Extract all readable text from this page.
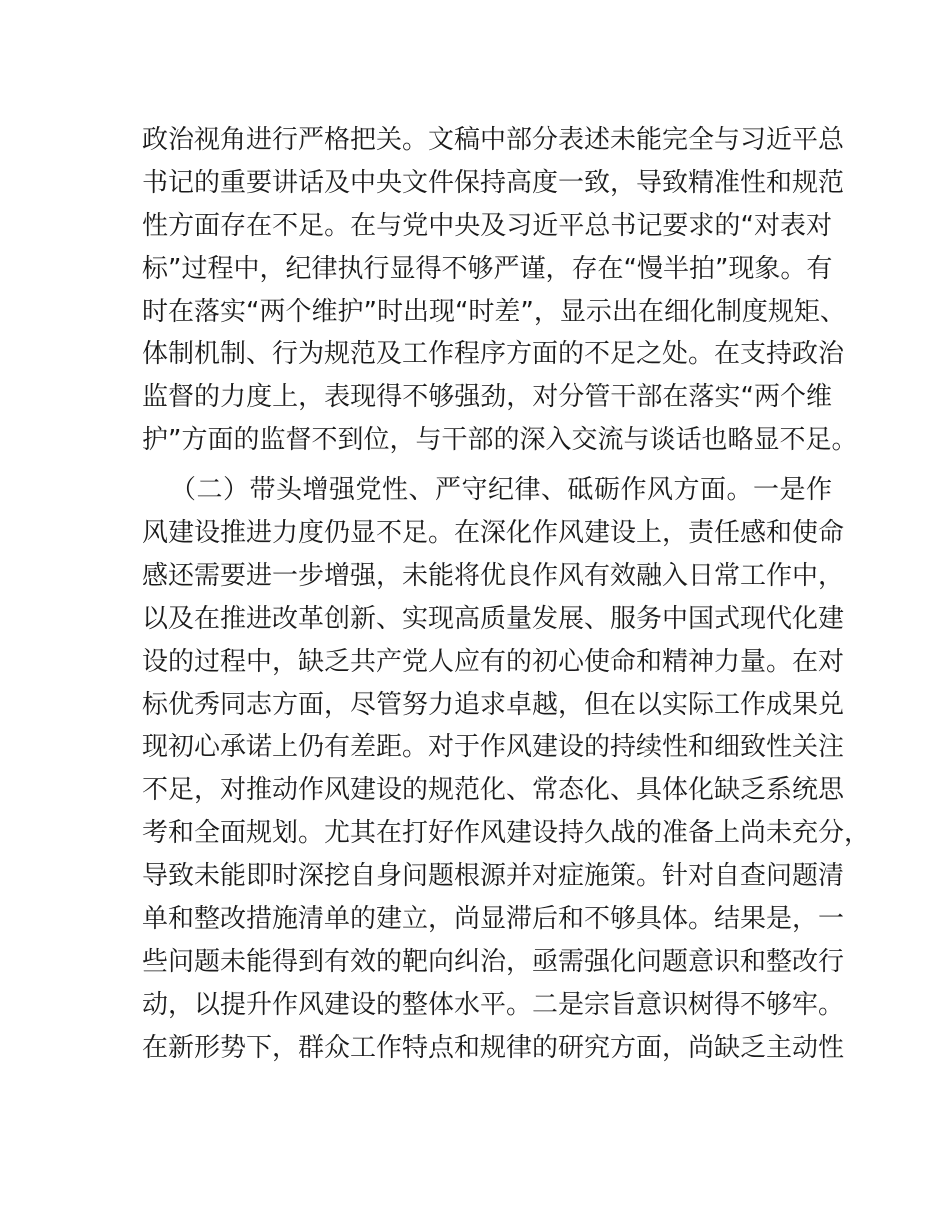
政治视角进行严格把关。文稿中部分表述未能完全与习近平总
书记的重要讲话及中央文件保持高度一致，导致精准性和规范
性方面存在不足。在与党中央及习近平总书记要求的“对表对
标”过程中，纪律执行显得不够严谨，存在“慢半拍”现象。有
时在落实“两个维护”时出现“时差”，显示出在细化制度规矩、
体制机制、行为规范及工作程序方面的不足之处。在支持政治
监督的力度上，表现得不够强劲，对分管干部在落实“两个维
护”方面的监督不到位，与干部的深入交流与谈话也略显不足。
（二）带头增强党性、严守纪律、砥砺作风方面。一是作
风建设推进力度仍显不足。在深化作风建设上，责任感和使命
感还需要进一步增强，未能将优良作风有效融入日常工作中，
以及在推进改革创新、实现高质量发展、服务中国式现代化建
设的过程中，缺乏共产党人应有的初心使命和精神力量。在对
标优秀同志方面，尽管努力追求卓越，但在以实际工作成果兑
现初心承诺上仍有差距。对于作风建设的持续性和细致性关注
不足，对推动作风建设的规范化、常态化、具体化缺乏系统思
考和全面规划。尤其在打好作风建设持久战的准备上尚未充分，
导致未能即时深挖自身问题根源并对症施策。针对自查问题清
单和整改措施清单的建立，尚显滞后和不够具体。结果是，一
些问题未能得到有效的靶向纠治，亟需强化问题意识和整改行
动，以提升作风建设的整体水平。二是宗旨意识树得不够牢。
在新形势下，群众工作特点和规律的研究方面，尚缺乏主动性
